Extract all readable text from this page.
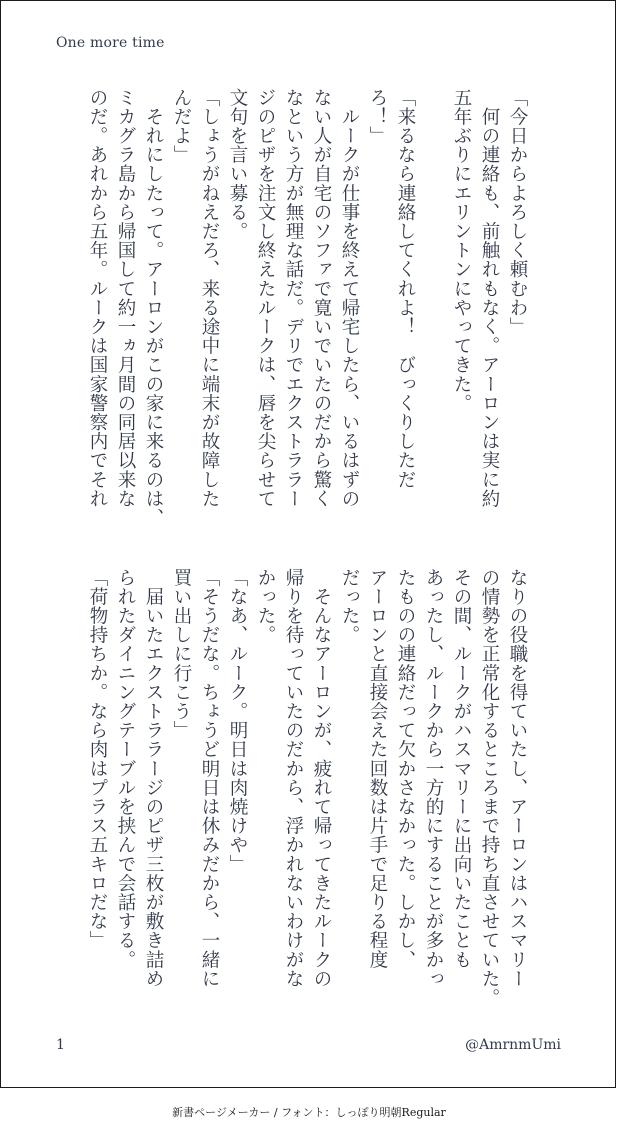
One more time
「今日からよろしく頼むわ」
　何の連絡も、前触れもなく。アーロンは実に約
五年ぶりにエリントンにやってきた。

「来るなら連絡してくれよ！　びっくりしただ
ろ！」
　ルークが仕事を終えて帰宅したら、いるはずの
ない人が自宅のソファで寛いでいたのだから驚く
なという方が無理な話だ。デリでエクストララー
ジのピザを注文し終えたルークは、唇を尖らせて
文句を言い募る。
「しょうがねえだろ、来る途中に端末が故障した
んだよ」
　それにしたって。アーロンがこの家に来るのは、
ミカグラ島から帰国して約一ヵ月間の同居以来な
のだ。あれから五年。ルークは国家警察内でそれ
なりの役職を得ていたし、アーロンはハスマリー
の情勢を正常化するところまで持ち直させていた。
その間、ルークがハスマリーに出向いたことも
あったし、ルークから一方的にすることが多かっ
たものの連絡だって欠かさなかった。しかし、
アーロンと直接会えた回数は片手で足りる程度
だった。
　そんなアーロンが、疲れて帰ってきたルークの
帰りを待っていたのだから、浮かれないわけがな
かった。
「なあ、ルーク。明日は肉焼けや」
「そうだな。ちょうど明日は休みだから、一緒に
買い出しに行こう」
　届いたエクストララージのピザ三枚が敷き詰め
られたダイニングテーブルを挟んで会話する。
「荷物持ちか。なら肉はプラス五キロだな」
1	@AmrnmUmi
新書ページメーカー / フォント：しっぽり明朝Regular
